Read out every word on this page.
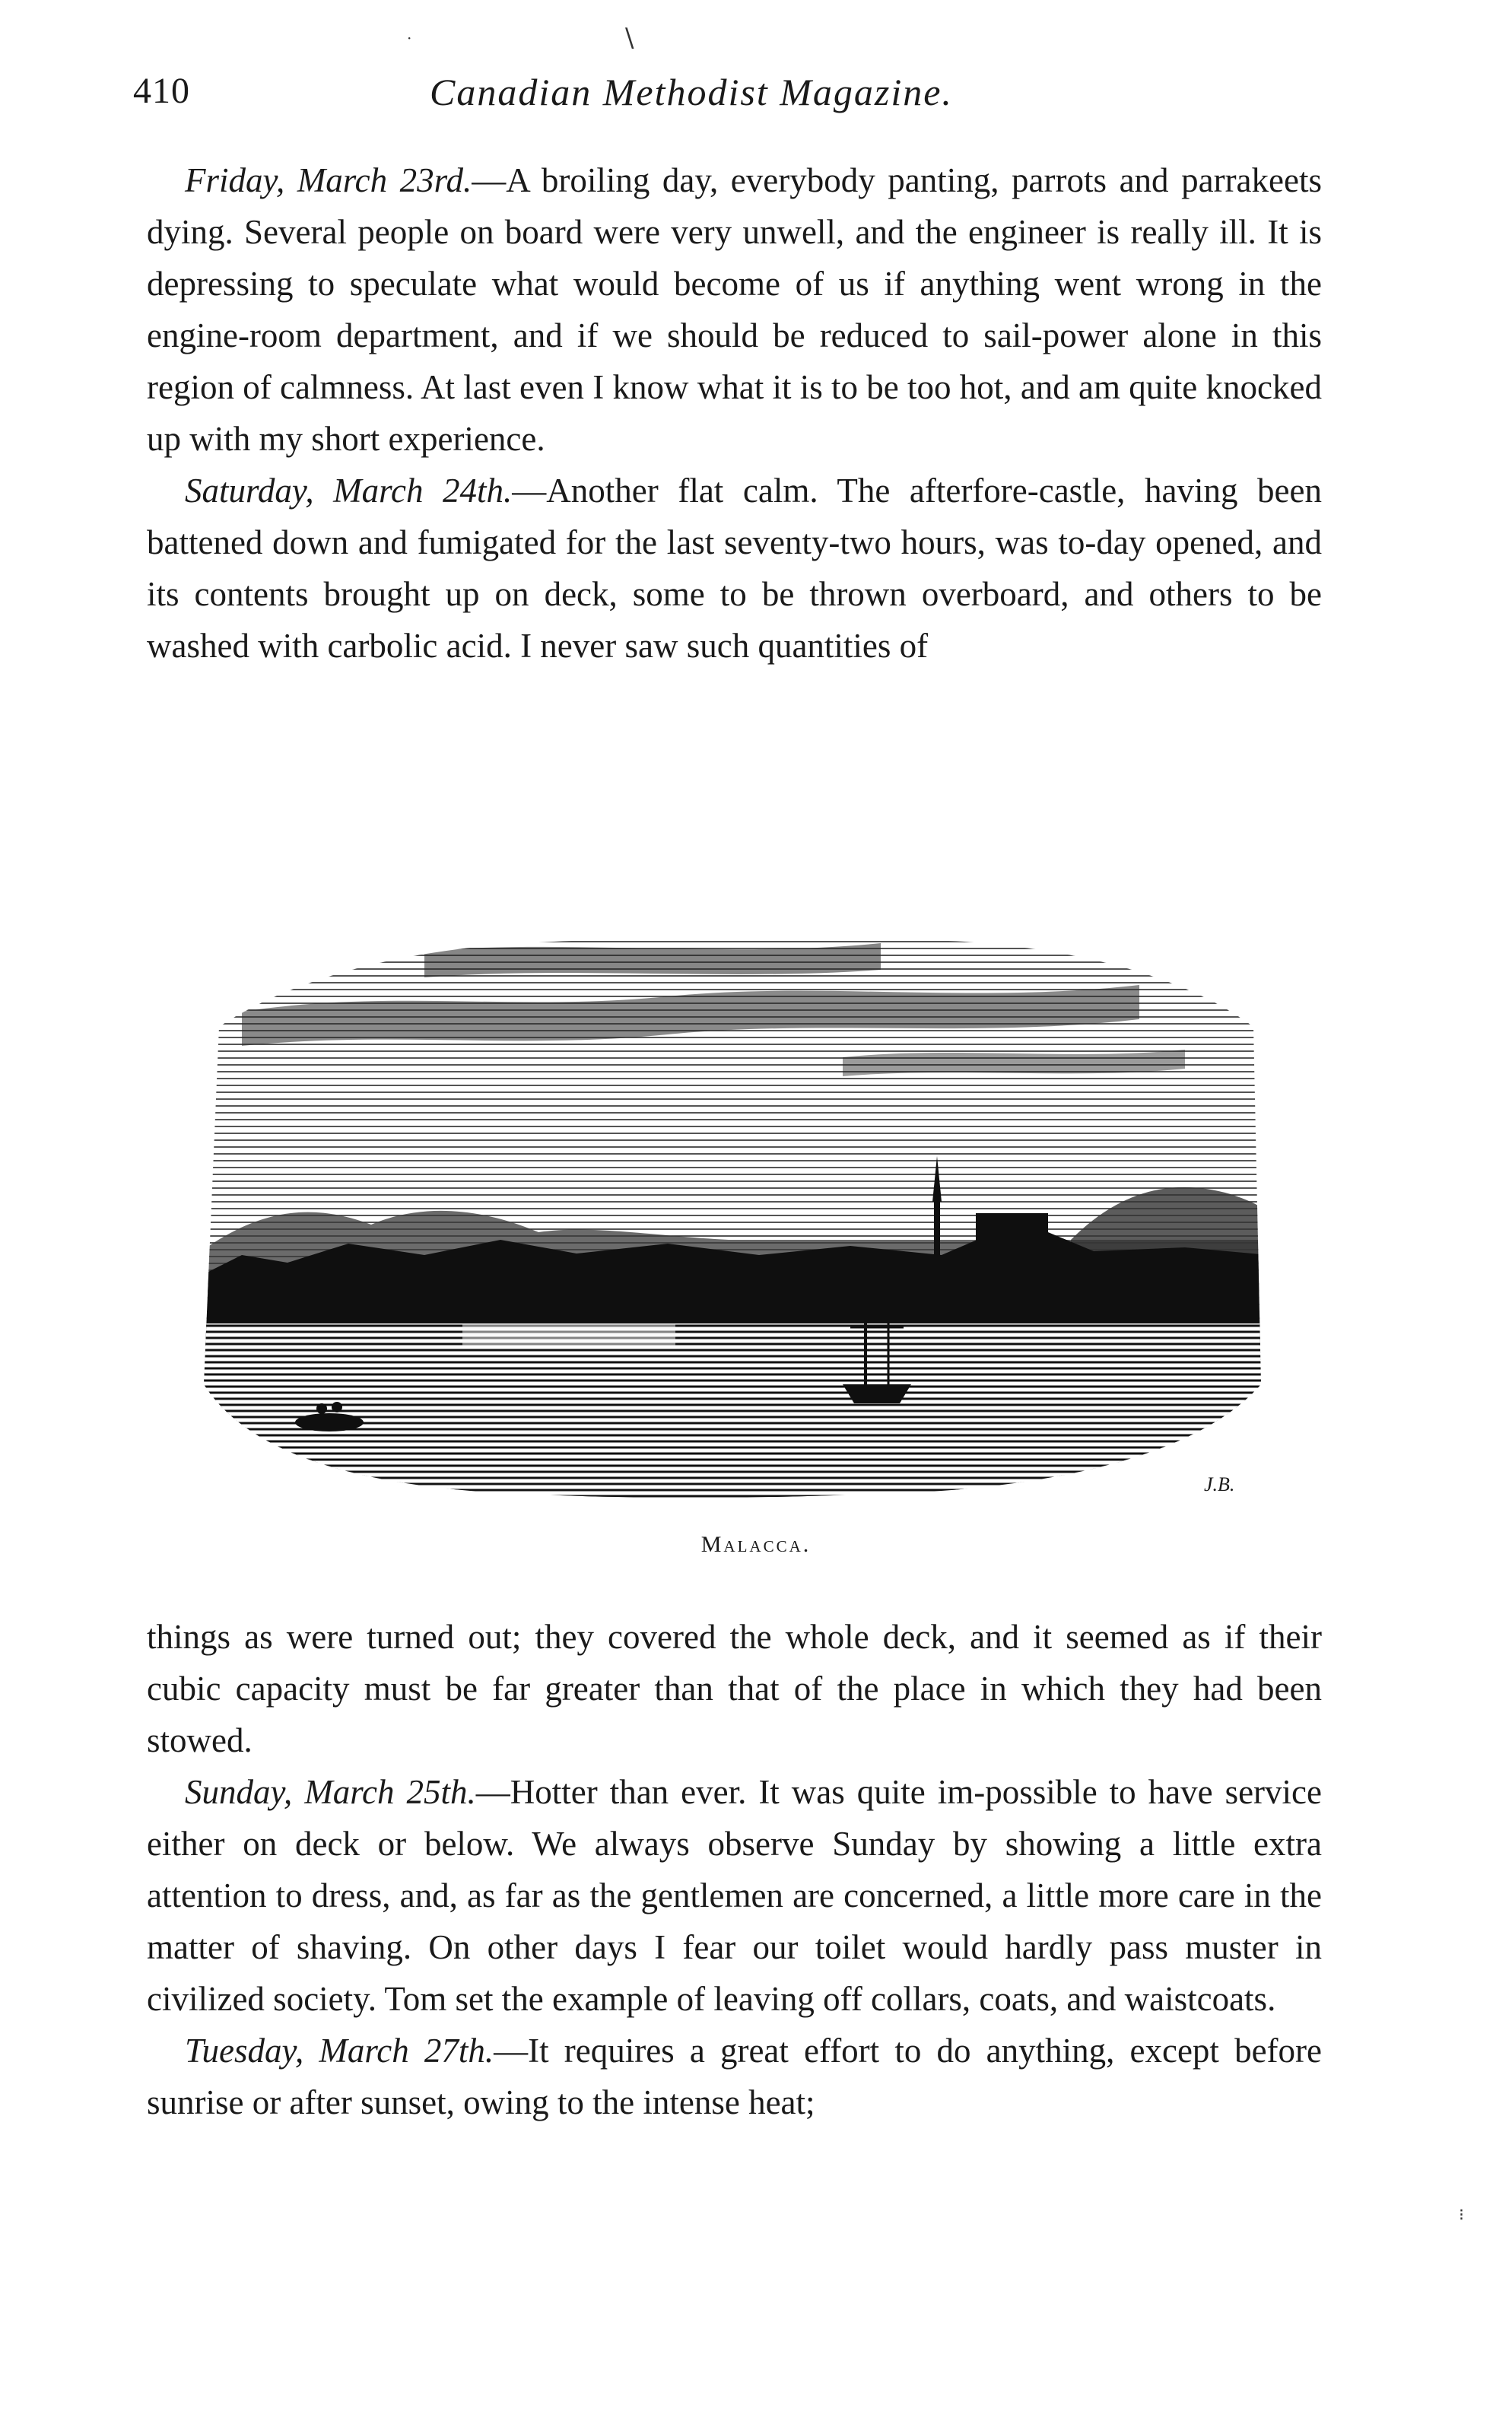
\
·
410	Canadian Methodist Magazine.

Friday, March 23rd.—A broiling day, everybody panting, parrots and parrakeets dying. Several people on board were very unwell, and the engineer is really ill. It is depressing to speculate what would become of us if anything went wrong in the engine-room department, and if we should be reduced to sail-power alone in this region of calmness. At last even I know what it is to be too hot, and am quite knocked up with my short experience.

Saturday, March 24th.—Another flat calm. The afterfore-castle, having been battened down and fumigated for the last seventy-two hours, was to-day opened, and its contents brought up on deck, some to be thrown overboard, and others to be washed with carbolic acid. I never saw such quantities of

J.B.
Malacca.

things as were turned out; they covered the whole deck, and it seemed as if their cubic capacity must be far greater than that of the place in which they had been stowed.

Sunday, March 25th.—Hotter than ever. It was quite im-possible to have service either on deck or below. We always observe Sunday by showing a little extra attention to dress, and, as far as the gentlemen are concerned, a little more care in the matter of shaving. On other days I fear our toilet would hardly pass muster in civilized society. Tom set the example of leaving off collars, coats, and waistcoats.

Tuesday, March 27th.—It requires a great effort to do anything, except before sunrise or after sunset, owing to the intense heat;

⁝
